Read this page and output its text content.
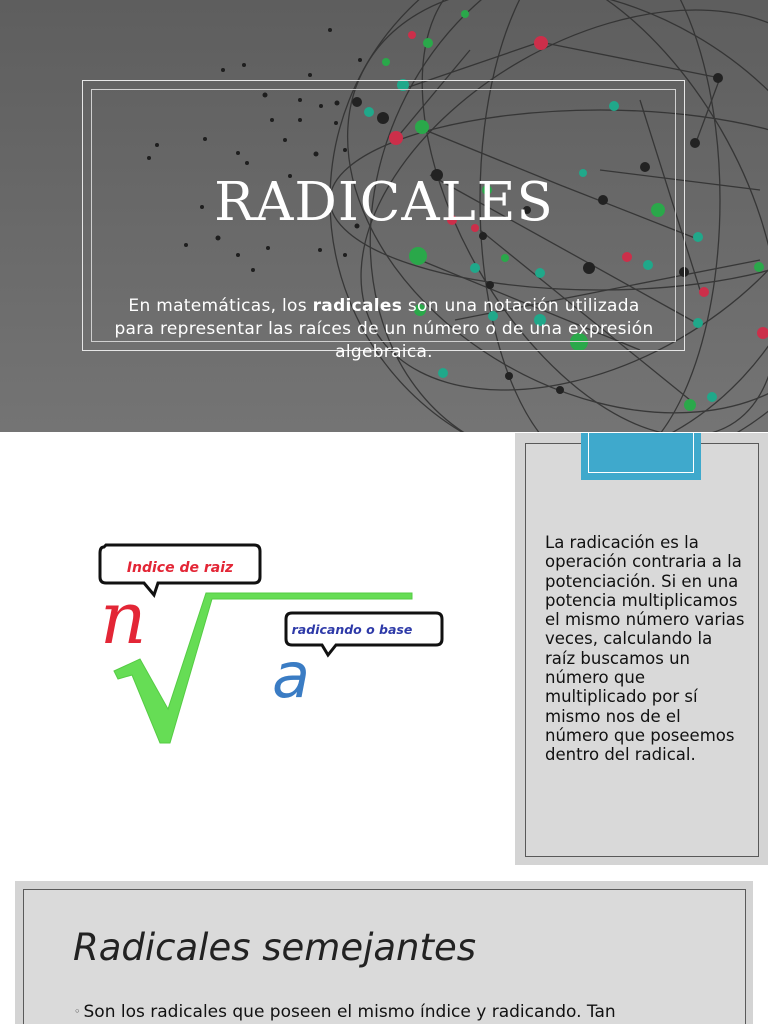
RADICALES
En matemáticas, los radicales son una notación utilizada para representar las raíces de un número o de una expresión algebraica.
Indice de raiz
n	radicando o base
a
La radicación es la operación contraria a la potenciación. Si en una potencia multiplicamos el mismo número varias veces, calculando la raíz buscamos un número que multiplicado por sí mismo nos de el número que poseemos dentro del radical.
Radicales semejantes
◦ Son los radicales que poseen el mismo índice y radicando. Tan
